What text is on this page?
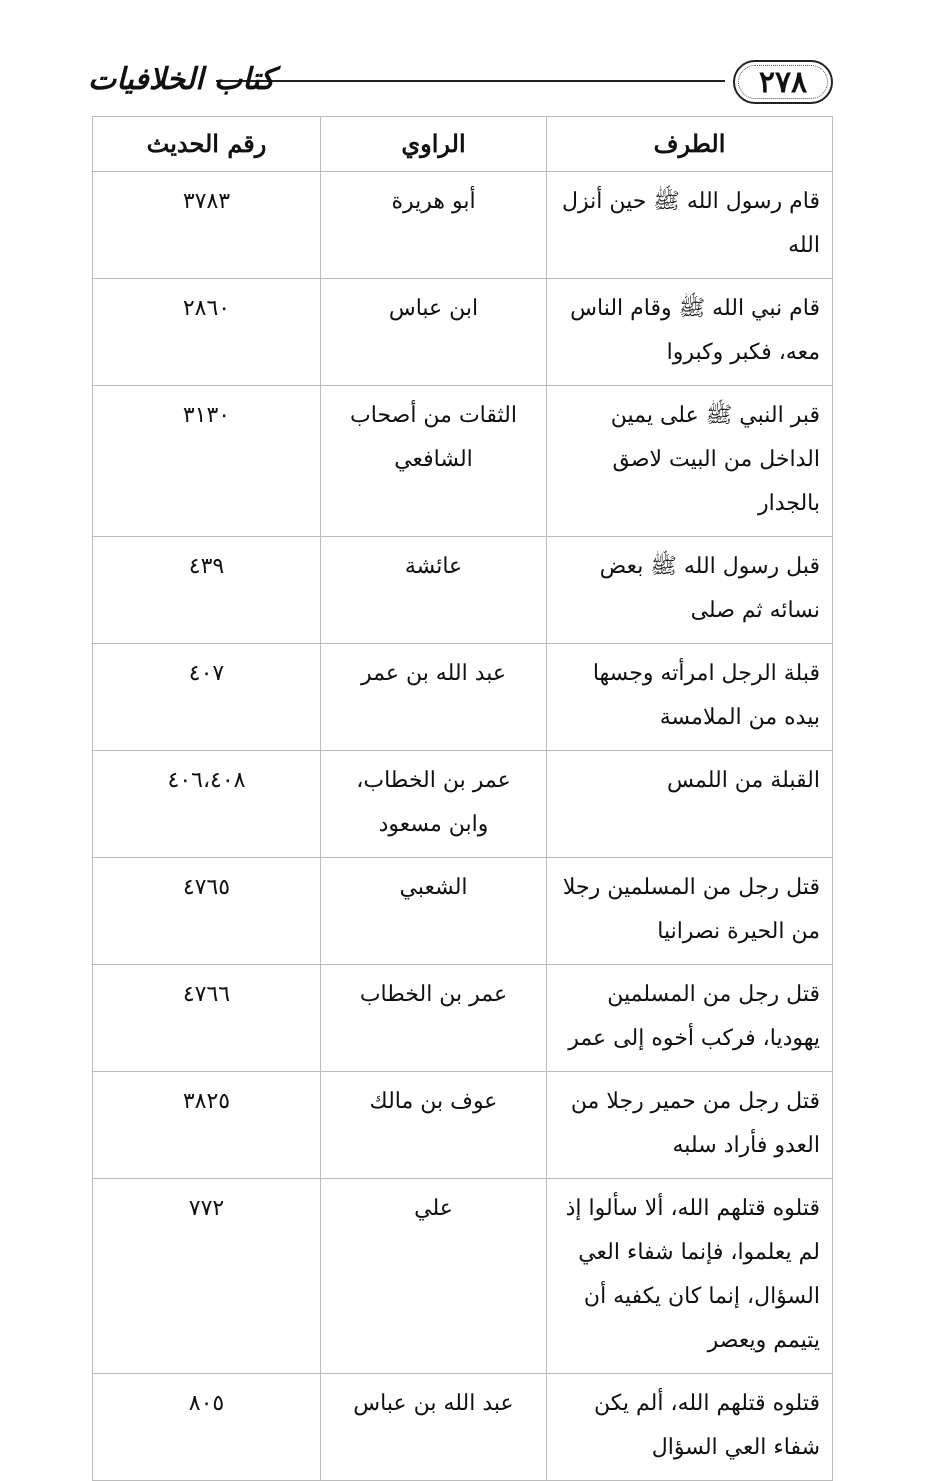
٢٧٨
كتاب الخلافيات
الطرف	الراوي	رقم الحديث
قام رسول الله ﷺ حين أنزل الله	أبو هريرة	٣٧٨٣
قام نبي الله ﷺ وقام الناس معه، فكبر وكبروا	ابن عباس	٢٨٦٠
قبر النبي ﷺ على يمين الداخل من البيت لاصق بالجدار	الثقات من أصحاب الشافعي	٣١٣٠
قبل رسول الله ﷺ بعض نسائه ثم صلى	عائشة	٤٣٩
قبلة الرجل امرأته وجسها بيده من الملامسة	عبد الله بن عمر	٤٠٧
القبلة من اللمس	عمر بن الخطاب، وابن مسعود	٤٠٦،٤٠٨
قتل رجل من المسلمين رجلا من الحيرة نصرانيا	الشعبي	٤٧٦٥
قتل رجل من المسلمين يهوديا، فركب أخوه إلى عمر	عمر بن الخطاب	٤٧٦٦
قتل رجل من حمير رجلا من العدو فأراد سلبه	عوف بن مالك	٣٨٢٥
قتلوه قتلهم الله، ألا سألوا إذ لم يعلموا، فإنما شفاء العي السؤال، إنما كان يكفيه أن يتيمم ويعصر	علي	٧٧٢
قتلوه قتلهم الله، ألم يكن شفاء العي السؤال	عبد الله بن عباس	٨٠٥
